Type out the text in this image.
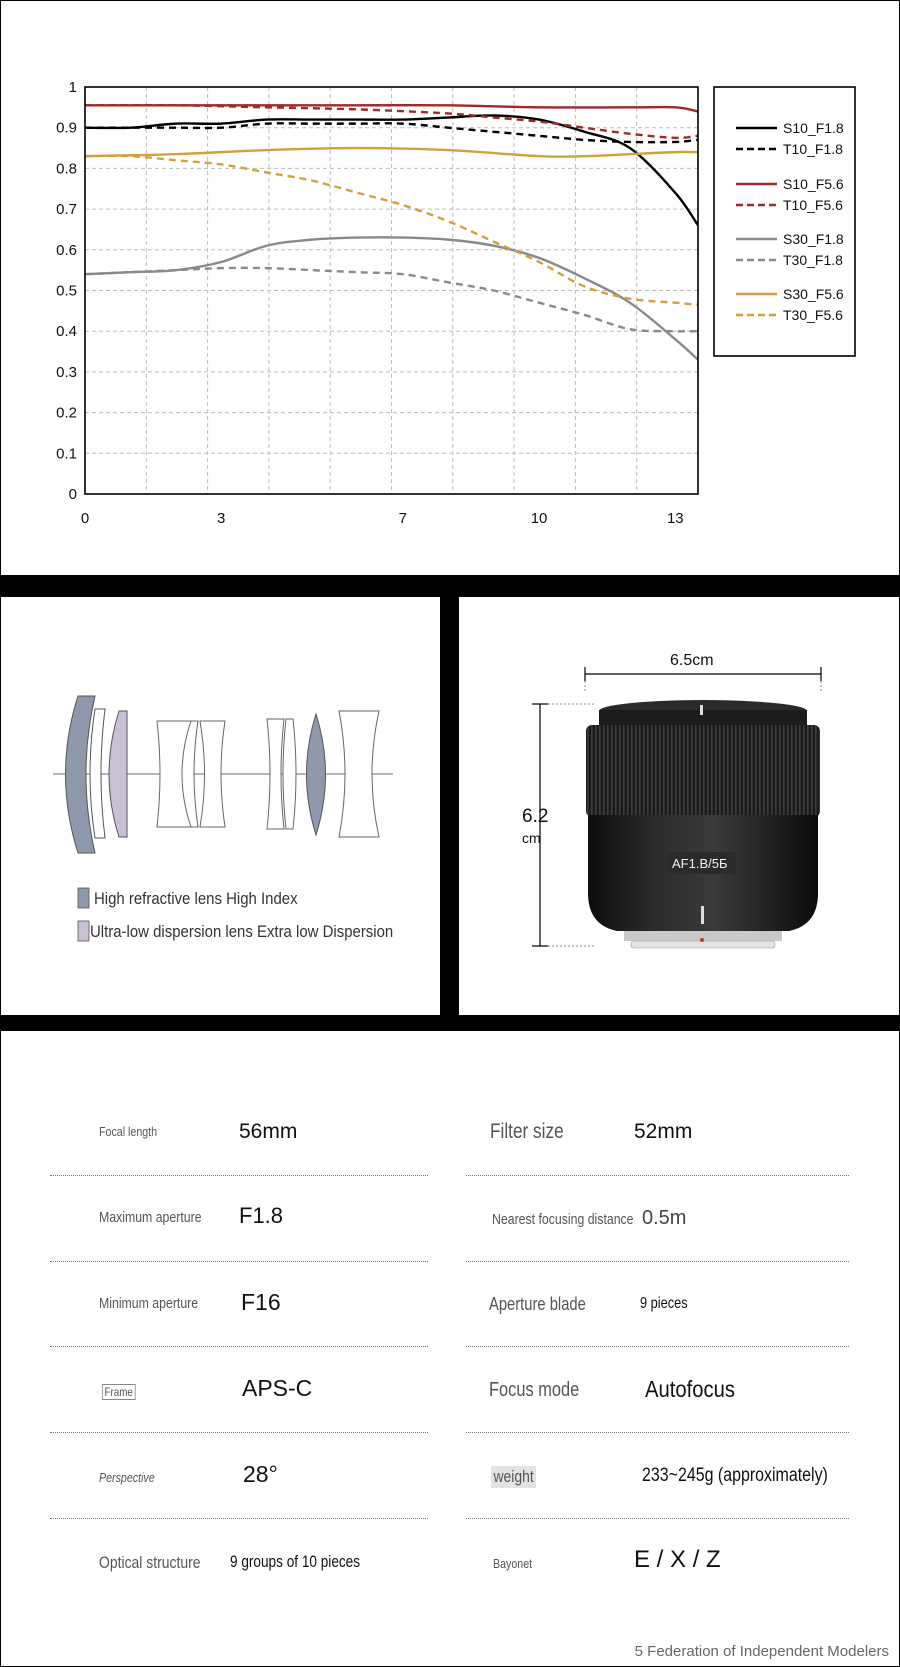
0
0.1
0.2
0.3
0.4
0.5
0.6
0.7
0.8
0.9
1
0	3	7	10	13
S10_F1.8
T10_F1.8
S10_F5.6
T10_F5.6
S30_F1.8
T30_F1.8
S30_F5.6
T30_F5.6
High refractive lens High Index
Ultra-low dispersion lens Extra low Dispersion
6.5cm
6.2
cm
AF1.B/5Б
Focal length	56mm
Maximum aperture F1.8
Minimum aperture F16
Frame	APS-C
Perspective	28°
Optical structure 9 groups of 10 pieces
Filter size	52mm
Nearest focusing distance 0.5m
Aperture blade	9 pieces
Focus mode	Autofocus
weight	233~245g (approximately)
Bayonet	E / X / Z
5 Federation of Independent Modelers
